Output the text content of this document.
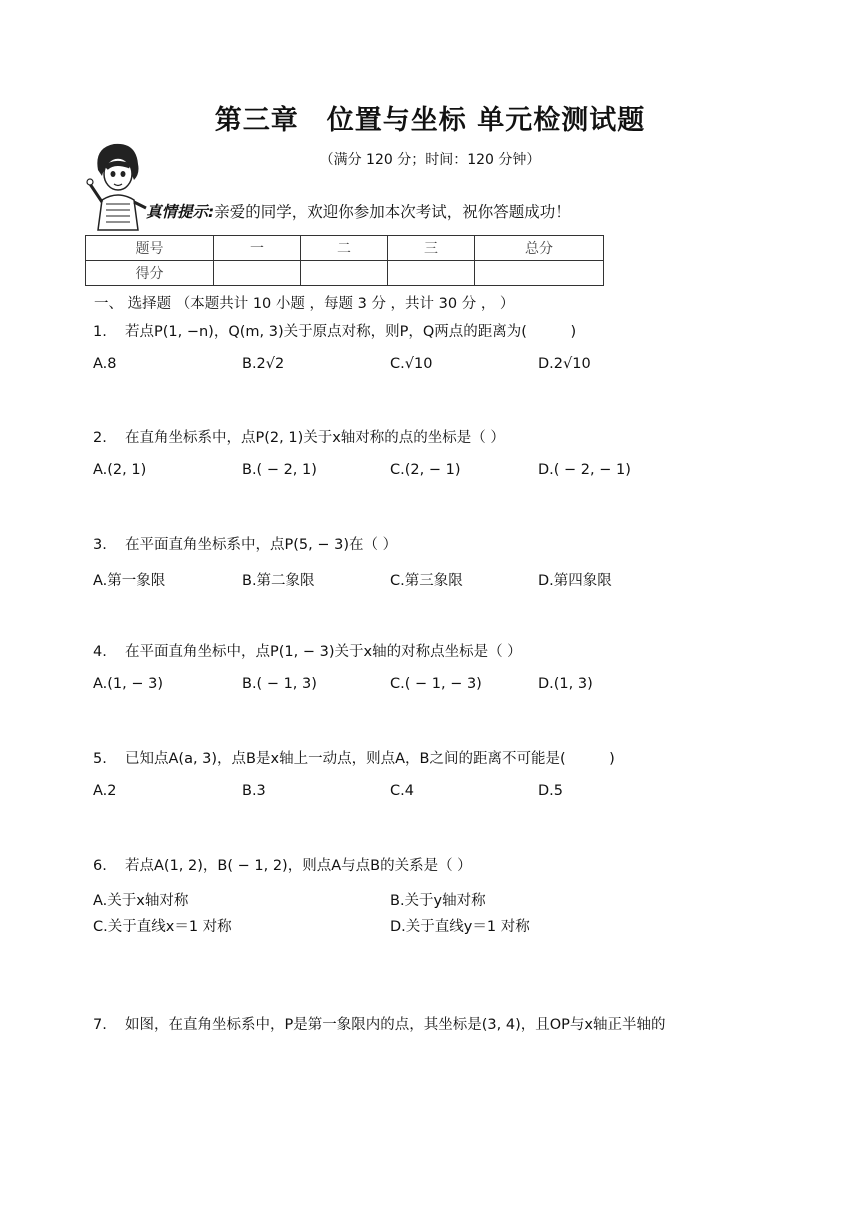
第三章　位置与坐标 单元检测试题
（满分 120 分；时间：120 分钟）
真情提示:亲爱的同学，欢迎你参加本次考试，祝你答题成功！
题号	一	二	三	总分
得分				
一、 选择题 （本题共计 10 小题 ，每题 3 分 ，共计 30 分 ， ）
1. 若点P(1, −n)，Q(m, 3)关于原点对称，则P，Q两点的距离为(　　　)
A.8	B.2√2	C.√10	D.2√10
2. 在直角坐标系中，点P(2, 1)关于x轴对称的点的坐标是（ ）
A.(2, 1)	B.( − 2, 1)	C.(2, − 1)	D.( − 2, − 1)
3. 在平面直角坐标系中，点P(5, − 3)在（ ）
A.第一象限	B.第二象限	C.第三象限	D.第四象限
4. 在平面直角坐标中，点P(1, − 3)关于x轴的对称点坐标是（ ）
A.(1, − 3)	B.( − 1, 3)	C.( − 1, − 3)	D.(1, 3)
5. 已知点A(a, 3)，点B是x轴上一动点，则点A，B之间的距离不可能是(　　　)
A.2	B.3	C.4	D.5
6. 若点A(1, 2)，B( − 1, 2)，则点A与点B的关系是（ ）
A.关于x轴对称	B.关于y轴对称
C.关于直线x＝1 对称	D.关于直线y＝1 对称
7. 如图，在直角坐标系中，P是第一象限内的点，其坐标是(3, 4)，且OP与x轴正半轴的
